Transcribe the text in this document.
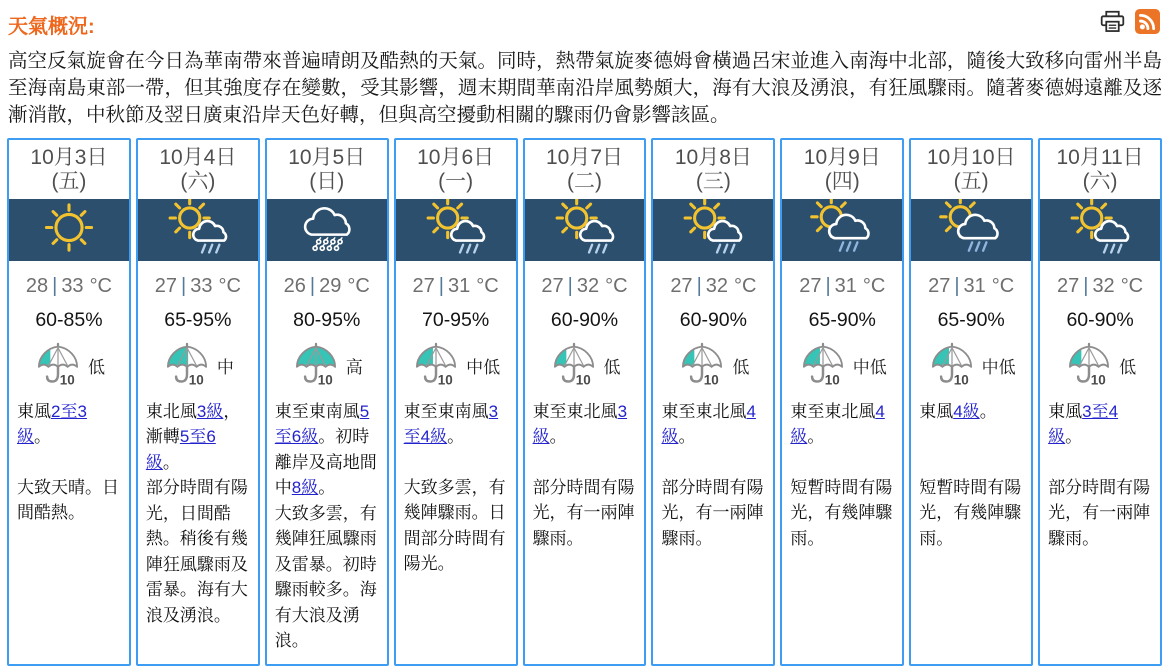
天氣概況:

高空反氣旋會在今日為華南帶來普遍晴朗及酷熱的天氣。同時，熱帶氣旋麥德姆會橫過呂宋並進入南海中北部，隨後大致移向雷州半島至海南島東部一帶，但其強度存在變數，受其影響，週末期間華南沿岸風勢頗大，海有大浪及湧浪，有狂風驟雨。隨著麥德姆遠離及逐漸消散，中秋節及翌日廣東沿岸天色好轉，但與高空擾動相關的驟雨仍會影響該區。

10月3日
(五)
28 | 33 °C
60-85%
10
低
東風2至3級。
大致天晴。日間酷熱。
10月4日
(六)
27 | 33 °C
65-95%
10
中
東北風3級，漸轉5至6級。
部分時間有陽光，日間酷熱。稍後有幾陣狂風驟雨及雷暴。海有大浪及湧浪。
10月5日
(日)
26 | 29 °C
80-95%
10
高
東至東南風5至6級。初時離岸及高地間中8級。
大致多雲，有幾陣狂風驟雨及雷暴。初時驟雨較多。海有大浪及湧浪。
10月6日
(一)
27 | 31 °C
70-95%
10
中低
東至東南風3至4級。
大致多雲，有幾陣驟雨。日間部分時間有陽光。
10月7日
(二)
27 | 32 °C
60-90%
10
低
東至東北風3級。
部分時間有陽光，有一兩陣驟雨。
10月8日
(三)
27 | 32 °C
60-90%
10
低
東至東北風4級。
部分時間有陽光，有一兩陣驟雨。
10月9日
(四)
27 | 31 °C
65-90%
10
中低
東至東北風4級。
短暫時間有陽光，有幾陣驟雨。
10月10日
(五)
27 | 31 °C
65-90%
10
中低
東風4級。
短暫時間有陽光，有幾陣驟雨。
10月11日
(六)
27 | 32 °C
60-90%
10
低
東風3至4級。
部分時間有陽光，有一兩陣驟雨。
